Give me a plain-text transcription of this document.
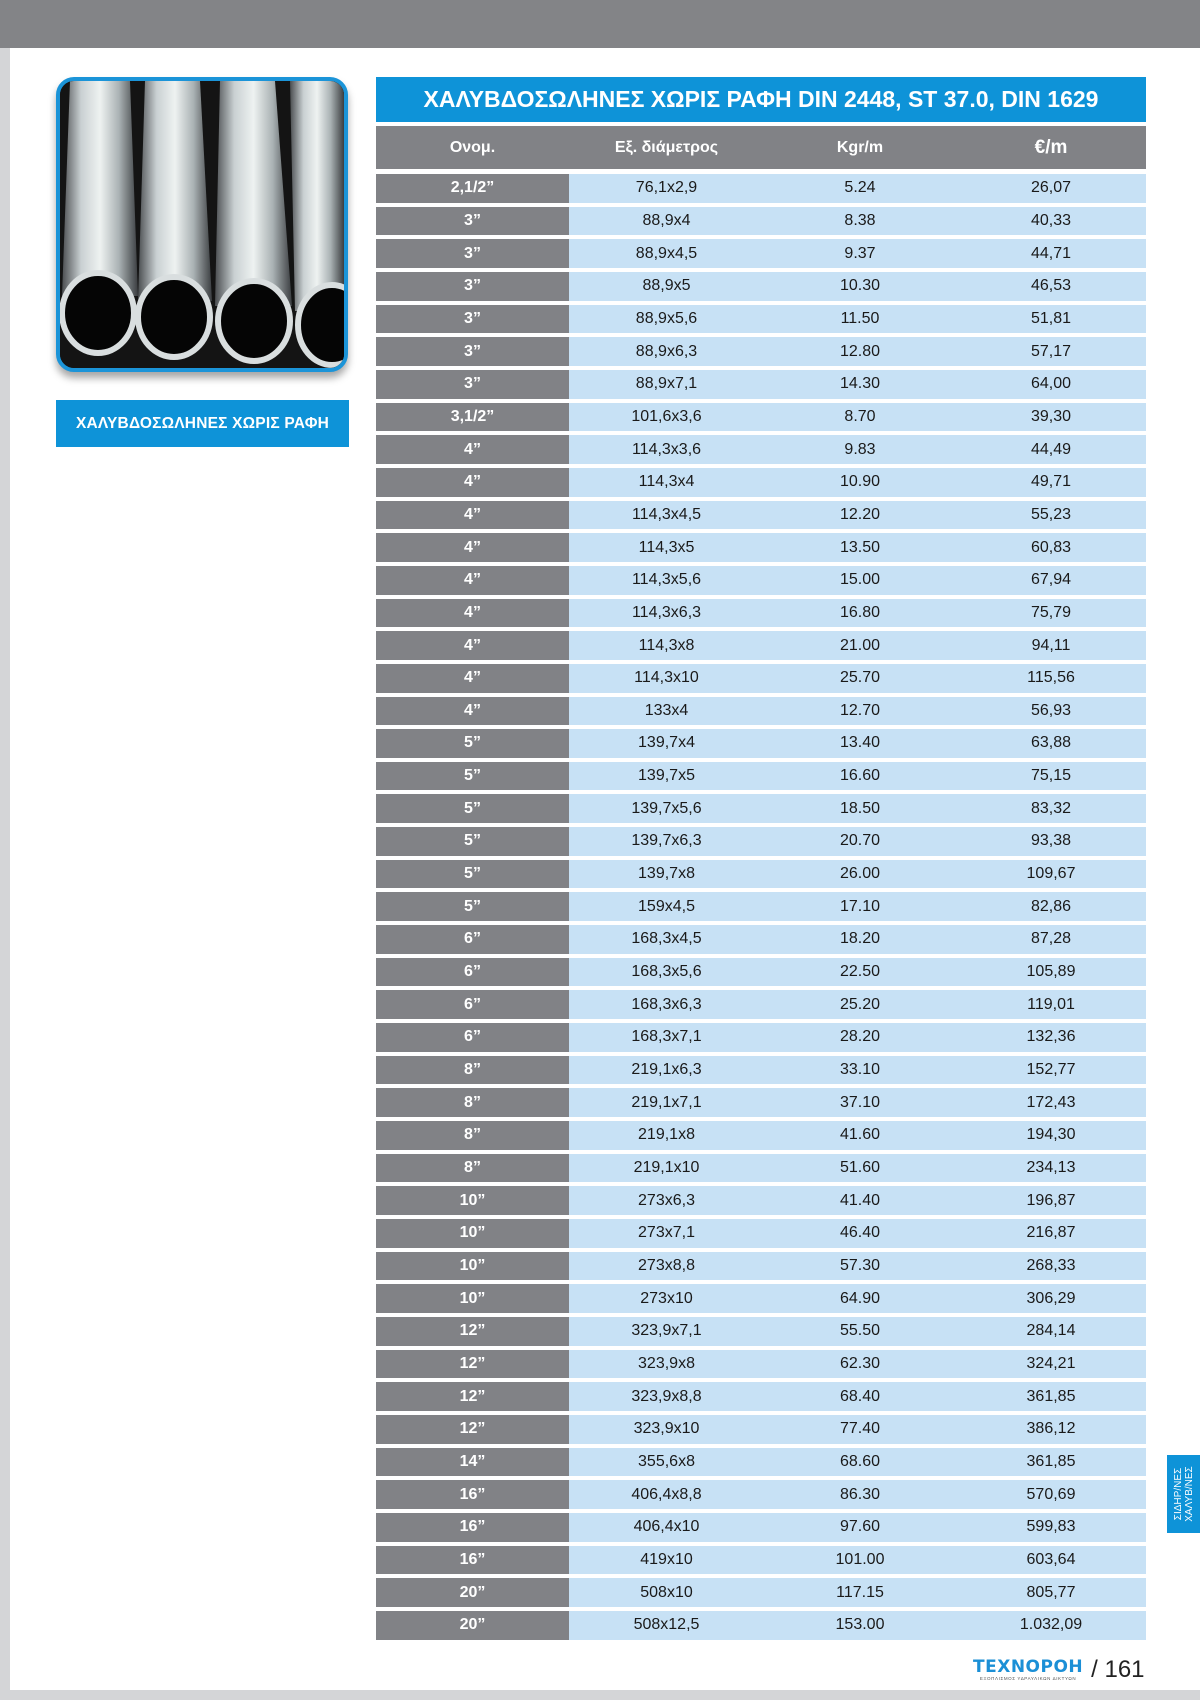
ΧΑΛΥΒΔΟΣΩΛΗΝΕΣ ΧΩΡΙΣ ΡΑΦΗ
ΧΑΛΥΒΔΟΣΩΛΗΝΕΣ ΧΩΡΙΣ ΡΑΦΗ DIN 2448, ST 37.0, DIN 1629
Ονομ.	Εξ. διάμετρος	Kgr/m	€/m
2,1/2”	76,1x2,9	5.24	26,07
3”	88,9x4	8.38	40,33
3”	88,9x4,5	9.37	44,71
3”	88,9x5	10.30	46,53
3”	88,9x5,6	11.50	51,81
3”	88,9x6,3	12.80	57,17
3”	88,9x7,1	14.30	64,00
3,1/2”	101,6x3,6	8.70	39,30
4”	114,3x3,6	9.83	44,49
4”	114,3x4	10.90	49,71
4”	114,3x4,5	12.20	55,23
4”	114,3x5	13.50	60,83
4”	114,3x5,6	15.00	67,94
4”	114,3x6,3	16.80	75,79
4”	114,3x8	21.00	94,11
4”	114,3x10	25.70	115,56
4”	133x4	12.70	56,93
5”	139,7x4	13.40	63,88
5”	139,7x5	16.60	75,15
5”	139,7x5,6	18.50	83,32
5”	139,7x6,3	20.70	93,38
5”	139,7x8	26.00	109,67
5”	159x4,5	17.10	82,86
6”	168,3x4,5	18.20	87,28
6”	168,3x5,6	22.50	105,89
6”	168,3x6,3	25.20	119,01
6”	168,3x7,1	28.20	132,36
8”	219,1x6,3	33.10	152,77
8”	219,1x7,1	37.10	172,43
8”	219,1x8	41.60	194,30
8”	219,1x10	51.60	234,13
10”	273x6,3	41.40	196,87
10”	273x7,1	46.40	216,87
10”	273x8,8	57.30	268,33
10”	273x10	64.90	306,29
12”	323,9x7,1	55.50	284,14
12”	323,9x8	62.30	324,21
12”	323,9x8,8	68.40	361,85
12”	323,9x10	77.40	386,12
14”	355,6x8	68.60	361,85
16”	406,4x8,8	86.30	570,69
16”	406,4x10	97.60	599,83
16”	419x10	101.00	603,64
20”	508x10	117.15	805,77
20”	508x12,5	153.00	1.032,09
ΣΙΔΗΡ/ΝΕΣ ΧΑΛΥΒ/ΝΕΣ
TEXNOPOH
ΕΞΟΠΛΙΣΜΟΣ ΥΔΡΑΥΛΙΚΩΝ ΔΙΚΤΥΩΝ / 161
